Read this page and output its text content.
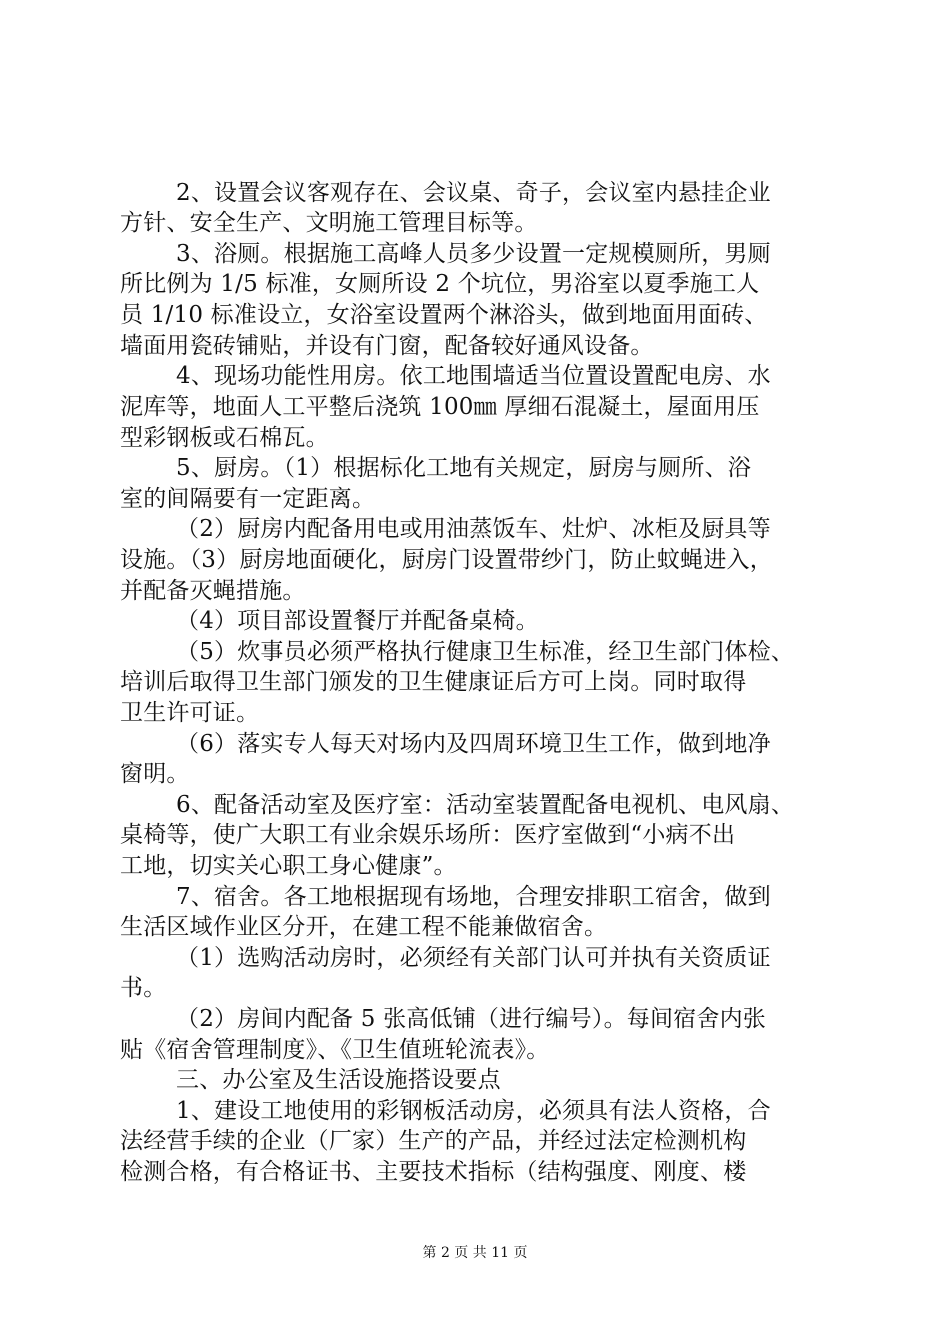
2、设置会议客观存在、会议桌、奇子，会议室内悬挂企业
方针、安全生产、文明施工管理目标等。
3、浴厕。根据施工高峰人员多少设置一定规模厕所，男厕
所比例为 1/5 标准，女厕所设 2 个坑位，男浴室以夏季施工人
员 1/10 标准设立，女浴室设置两个淋浴头，做到地面用面砖、
墙面用瓷砖铺贴，并设有门窗，配备较好通风设备。
4、现场功能性用房。依工地围墙适当位置设置配电房、水
泥库等，地面人工平整后浇筑 100㎜ 厚细石混凝土，屋面用压
型彩钢板或石棉瓦。
5、厨房。（1）根据标化工地有关规定，厨房与厕所、浴
室的间隔要有一定距离。
（2）厨房内配备用电或用油蒸饭车、灶炉、冰柜及厨具等
设施。（3）厨房地面硬化，厨房门设置带纱门，防止蚊蝇进入，
并配备灭蝇措施。
（4）项目部设置餐厅并配备桌椅。
（5）炊事员必须严格执行健康卫生标准，经卫生部门体检、
培训后取得卫生部门颁发的卫生健康证后方可上岗。同时取得
卫生许可证。
（6）落实专人每天对场内及四周环境卫生工作，做到地净
窗明。
6、配备活动室及医疗室：活动室装置配备电视机、电风扇、
桌椅等，使广大职工有业余娱乐场所：医疗室做到“小病不出
工地，切实关心职工身心健康”。
7、宿舍。各工地根据现有场地，合理安排职工宿舍，做到
生活区域作业区分开，在建工程不能兼做宿舍。
（1）选购活动房时，必须经有关部门认可并执有关资质证
书。
（2）房间内配备 5 张高低铺（进行编号）。每间宿舍内张
贴《宿舍管理制度》、《卫生值班轮流表》。
三、办公室及生活设施搭设要点
1、建设工地使用的彩钢板活动房，必须具有法人资格，合
法经营手续的企业（厂家）生产的产品，并经过法定检测机构
检测合格，有合格证书、主要技术指标（结构强度、刚度、楼
第 2 页 共 11 页
